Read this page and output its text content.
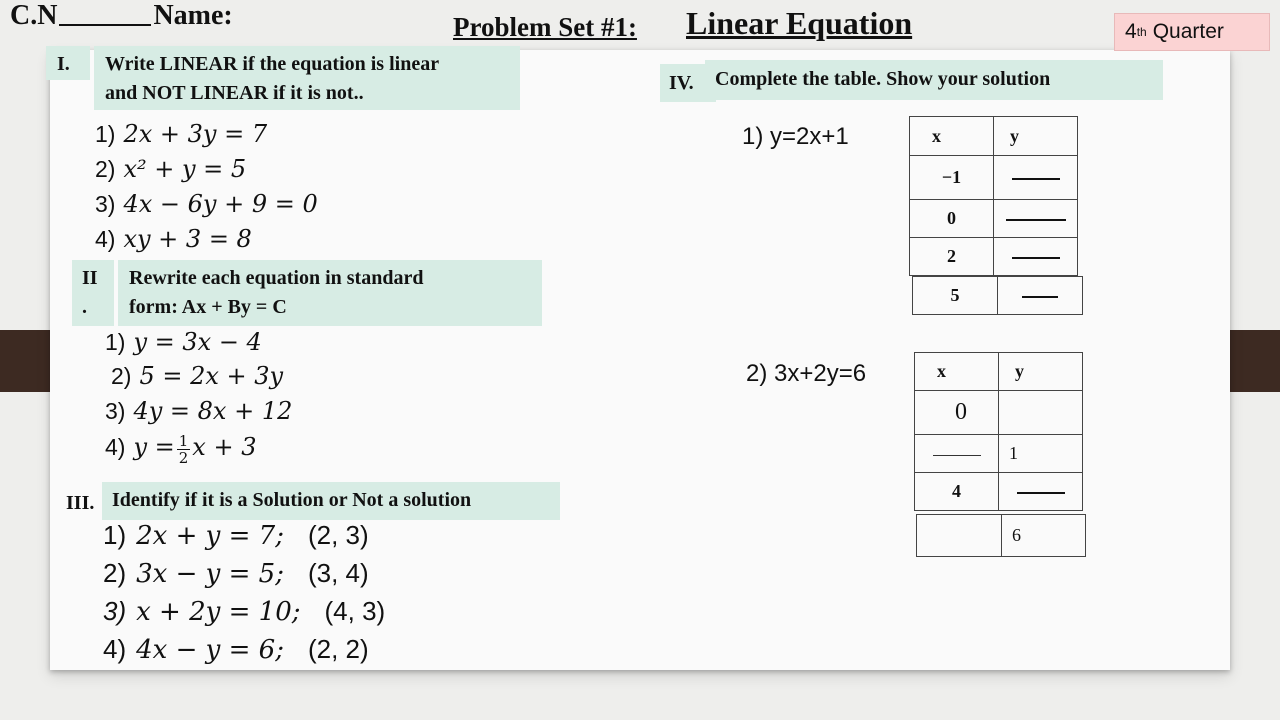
C.N	Name:	Problem Set #1: Linear Equation	4 th Quarter
I.	Write LINEAR if the equation is linear
and NOT LINEAR if it is not..
1) 2x + 3y = 7
2) x² + y = 5
3) 4x − 6y + 9 = 0
4) xy + 3 = 8
II
.
Rewrite each equation in standard
form: Ax + By = C
1) y = 3x − 4
2) 5 = 2x + 3y
3) 4y = 8x + 12
4) $y = \frac{1}{2}$ x + 3
III. Identify if it is a Solution or Not a solution
1) 2x + y = 7; (2, 3)
2) 3x − y = 5; (3, 4)
3) x + 2y = 10; (4, 3)
4) 4x − y = 6; (2, 2)
IV.	Complete the table. Show your solution
1) y=2x+1	x	y
−1	
0	
2	
5	
2) 3x+2y=6	x	y
0	
	1
4	
	6
